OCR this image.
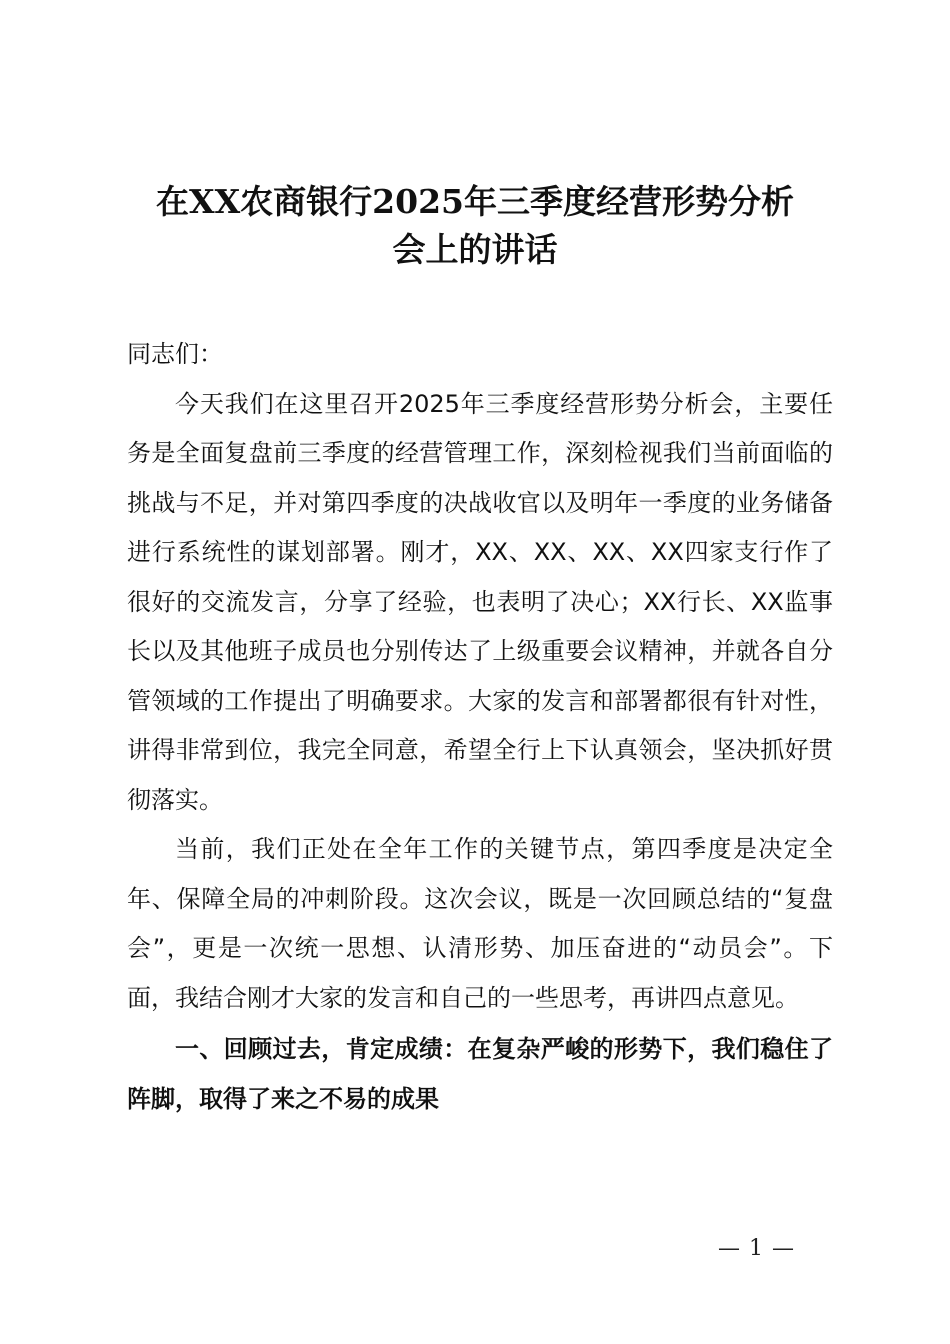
在XX农商银行2025年三季度经营形势分析
会上的讲话

同志们：

今天我们在这里召开2025年三季度经营形势分析会，主要任务是全面复盘前三季度的经营管理工作，深刻检视我们当前面临的挑战与不足，并对第四季度的决战收官以及明年一季度的业务储备进行系统性的谋划部署。刚才，XX、XX、XX、XX四家支行作了很好的交流发言，分享了经验，也表明了决心；XX行长、XX监事长以及其他班子成员也分别传达了上级重要会议精神，并就各自分管领域的工作提出了明确要求。大家的发言和部署都很有针对性，讲得非常到位，我完全同意，希望全行上下认真领会，坚决抓好贯彻落实。

当前，我们正处在全年工作的关键节点，第四季度是决定全年、保障全局的冲刺阶段。这次会议，既是一次回顾总结的“复盘会”，更是一次统一思想、认清形势、加压奋进的“动员会”。下面，我结合刚才大家的发言和自己的一些思考，再讲四点意见。

一、回顾过去，肯定成绩：在复杂严峻的形势下，我们稳住了阵脚，取得了来之不易的成果

— 1 —
